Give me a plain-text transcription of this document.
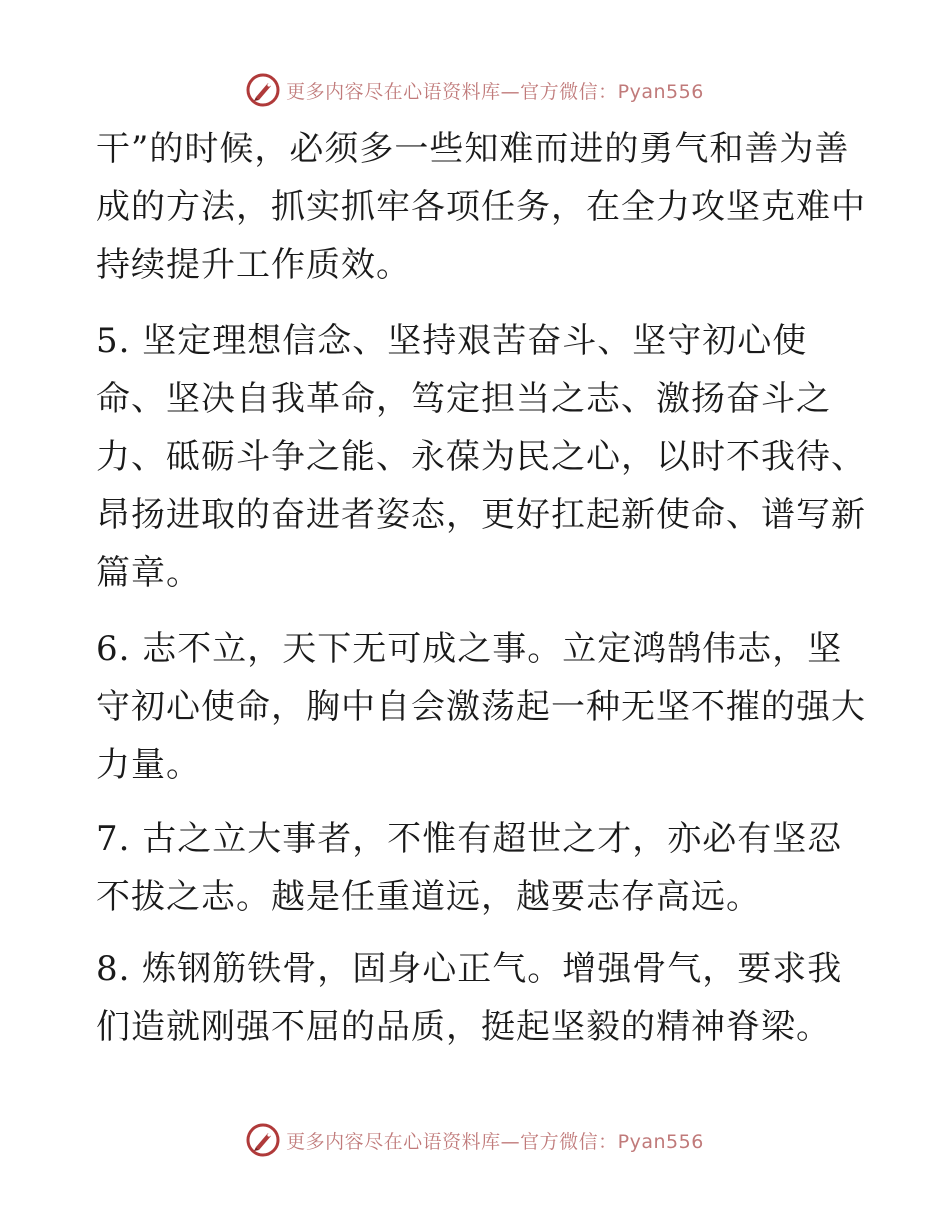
更多内容尽在心语资料库—官方微信：Pyan556

干”的时候，必须多一些知难而进的勇气和善为善
成的方法，抓实抓牢各项任务，在全力攻坚克难中
持续提升工作质效。

5. 坚定理想信念、坚持艰苦奋斗、坚守初心使
命、坚决自我革命，笃定担当之志、激扬奋斗之
力、砥砺斗争之能、永葆为民之心，以时不我待、
昂扬进取的奋进者姿态，更好扛起新使命、谱写新
篇章。

6. 志不立，天下无可成之事。立定鸿鹄伟志，坚
守初心使命，胸中自会激荡起一种无坚不摧的强大
力量。

7. 古之立大事者，不惟有超世之才，亦必有坚忍
不拔之志。越是任重道远，越要志存高远。

8. 炼钢筋铁骨，固身心正气。增强骨气，要求我
们造就刚强不屈的品质，挺起坚毅的精神脊梁。

更多内容尽在心语资料库—官方微信：Pyan556
